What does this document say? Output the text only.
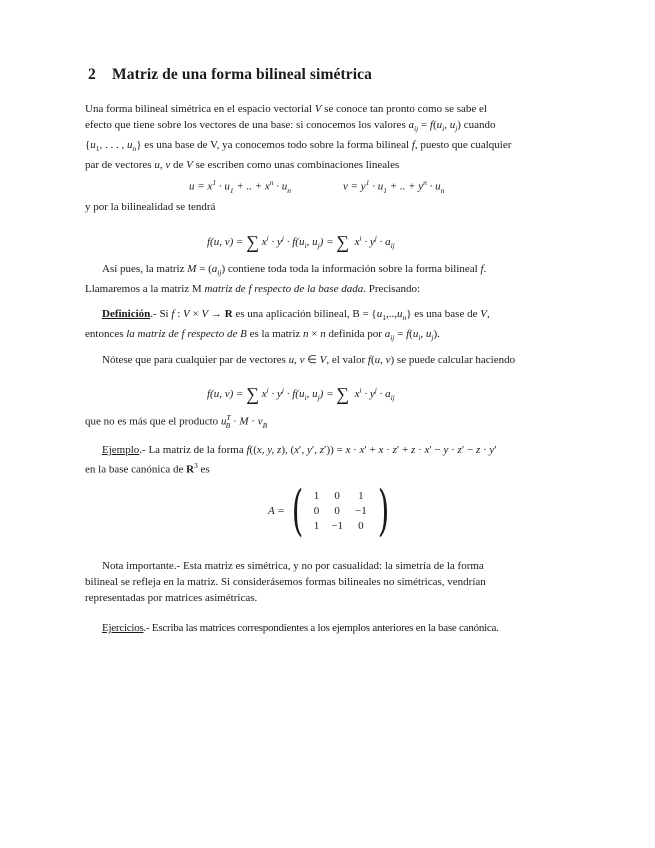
2 Matriz de una forma bilineal simétrica
Una forma bilineal simétrica en el espacio vectorial V se conoce tan pronto como se sabe el
efecto que tiene sobre los vectores de una base: si conocemos los valores $a_{ij} = f(u_i$, $u_j$) cuando
{$u_1$, . . . , $u_n$} es una base de V, ya conocemos todo sobre la forma bilineal f, puesto que cualquier
par de vectores u, v de V se escriben como unas combinaciones lineales
$u = x^1 \cdot u_1$ + .. + $x^n \cdot u_n$	$v = y^1 \cdot u_1$ + .. + $y^n \cdot u_n$
y por la bilinealidad se tendrá
f(u, v) = ∑ $x^i \cdot y^j \cdot f(u_i$, $u_j$) = ∑  $x^i \cdot y^j \cdot a_{ij}$
Así pues, la matriz $M = (a_{ij})$ contiene toda toda la información sobre la forma bilineal f.
Llamaremos a la matriz M matriz de f respecto de la base dada. Precisando:
Definición.- Si f : V × V → R es una aplicación bilineal, $B = \{u_1,..,u_n\}$ es una base de V,
entonces la matriz de f respecto de B es la matriz n × n definida por $a_{ij} = f(u_i$, $u_j$).
Nótese que para cualquier par de vectores u, v ∈ V, el valor f(u, v) se puede calcular haciendo
f(u, v) = ∑ $x^i \cdot y^j \cdot f(u_i$, $u_j$) = ∑  $x^i \cdot y^j \cdot a_{ij}$
que no es más que el producto $u^T_B \cdot M \cdot v_B$
Ejemplo.- La matriz de la forma f((x, y, z), (x′, y′, z′)) = x · x′ + x · z′ + z · x′ − y · z′ − z · y′
en la base canónica de $R^3$ es
A = ( 1	0	1
0	0	−1
1	−1	0 )
Nota importante.- Esta matriz es simétrica, y no por casualidad: la simetría de la forma
bilineal se refleja en la matriz. Si considerásemos formas bilineales no simétricas, vendrían
representadas por matrices asimétricas.
Ejercicios.- Escriba las matrices correspondientes a los ejemplos anteriores en la base canónica.
